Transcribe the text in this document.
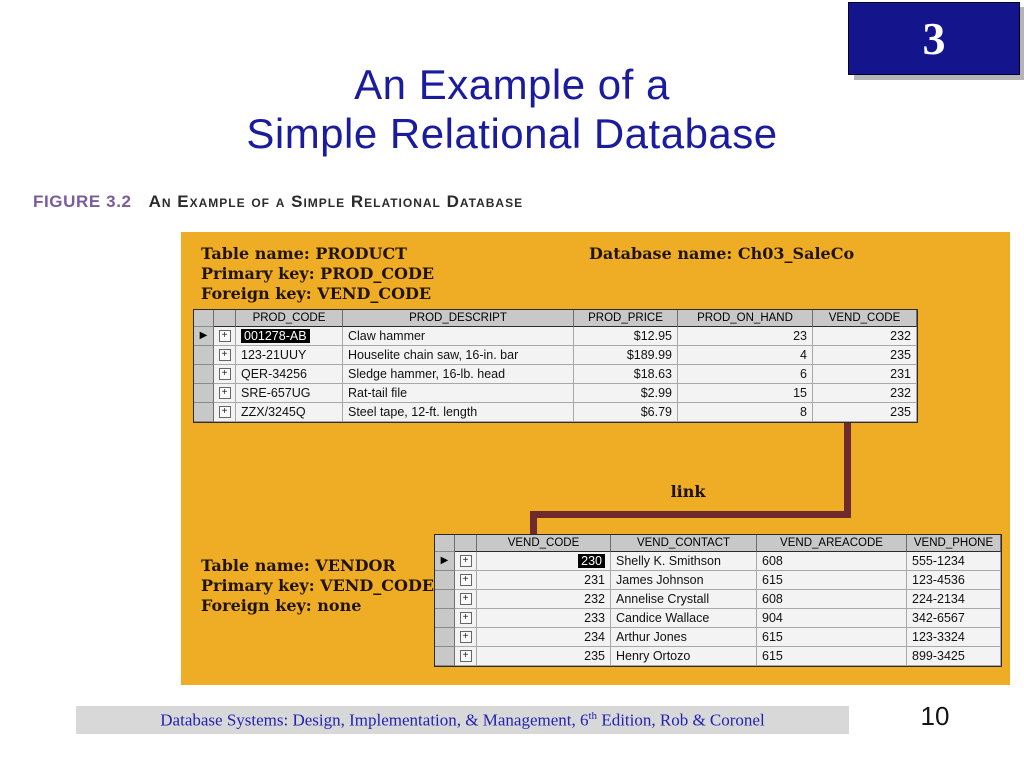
3
An Example of a
Simple Relational Database
FIGURE 3.2 An Example of a Simple Relational Database
Table name: PRODUCT
Primary key: PROD_CODE
Foreign key: VEND_CODE
Database name: Ch03_SaleCo
link
PROD_CODE	PROD_DESCRIPT	PROD_PRICE	PROD_ON_HAND	VEND_CODE
▶	+ 001278-AB	Claw hammer	$12.95	23	232
+ 123-21UUY	Houselite chain saw, 16-in. bar	$189.99	4	235
+ QER-34256	Sledge hammer, 16-lb. head	$18.63	6	231
+ SRE-657UG	Rat-tail file	$2.99	15	232
+ ZZX/3245Q	Steel tape, 12-ft. length	$6.79	8	235
Table name: VENDOR
Primary key: VEND_CODE
Foreign key: none
VEND_CODE	VEND_CONTACT	VEND_AREACODE	VEND_PHONE
▶	+	230	Shelly K. Smithson	608	555-1234
+	231 James Johnson	615	123-4536
+	232 Annelise Crystall	608	224-2134
+	233 Candice Wallace	904	342-6567
+	234 Arthur Jones	615	123-3324
+	235 Henry Ortozo	615	899-3425
Database Systems: Design, Implementation, & Management, 6th Edition, Rob & Coronel	10
